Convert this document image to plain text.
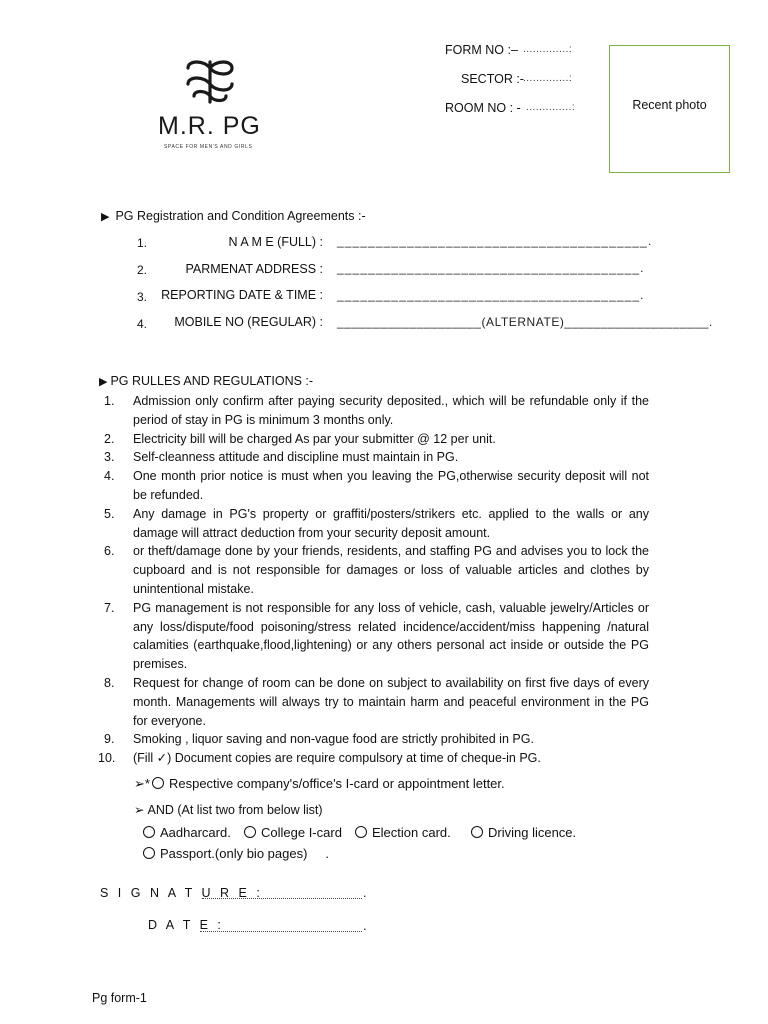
M.R. PG
SPACE FOR MEN'S AND GIRLS
FORM NO :– ..............:
SECTOR :- ..............:
ROOM NO : - ..............:	Recent photo
▶ PG Registration and Condition Agreements :-
1.	N A M E (FULL) : ________________________________________.
2.	PARMENAT ADDRESS : _______________________________________.
3. REPORTING DATE & TIME : _______________________________________.
4. MOBILE NO (REGULAR) : ____________________(ALTERNATE)____________________.
▶ PG RULLES AND REGULATIONS :-
1. Admission only confirm after paying security deposited., which will be refundable only if the period of stay in PG is minimum 3 months only.
2. Electricity bill will be charged As par your submitter @ 12 per unit.
3. Self-cleanness attitude and discipline must maintain in PG.
4. One month prior notice is must when you leaving the PG,otherwise security deposit will not be refunded.
5. Any damage in PG's property or graffiti/posters/strikers etc. applied to the walls or any damage will attract deduction from your security deposit amount.
6. or theft/damage done by your friends, residents, and staffing PG and advises you to lock the cupboard and is not responsible for damages or loss of valuable articles and clothes by unintentional mistake.
7. PG management is not responsible for any loss of vehicle, cash, valuable jewelry/Articles or any loss/dispute/food poisoning/stress related incidence/accident/miss happening /natural calamities (earthquake,flood,lightening) or any others personal act inside or outside the PG premises.
8. Request for change of room can be done on subject to availability on first five days of every month. Managements will always try to maintain harm and peaceful environment in the PG for everyone.
9. Smoking , liquor saving and non-vague food are strictly prohibited in PG.
10. (Fill ✓) Document copies are require compulsory at time of cheque-in PG.
➢* Respective company's/office's I-card or appointment letter.
➢ AND (At list two from below list)
Aadharcard.	College I-card	Election card.	Driving licence.
Passport.(only bio pages) .
S I G N A T U R E :	.
D A T E :	.
Pg form-1
